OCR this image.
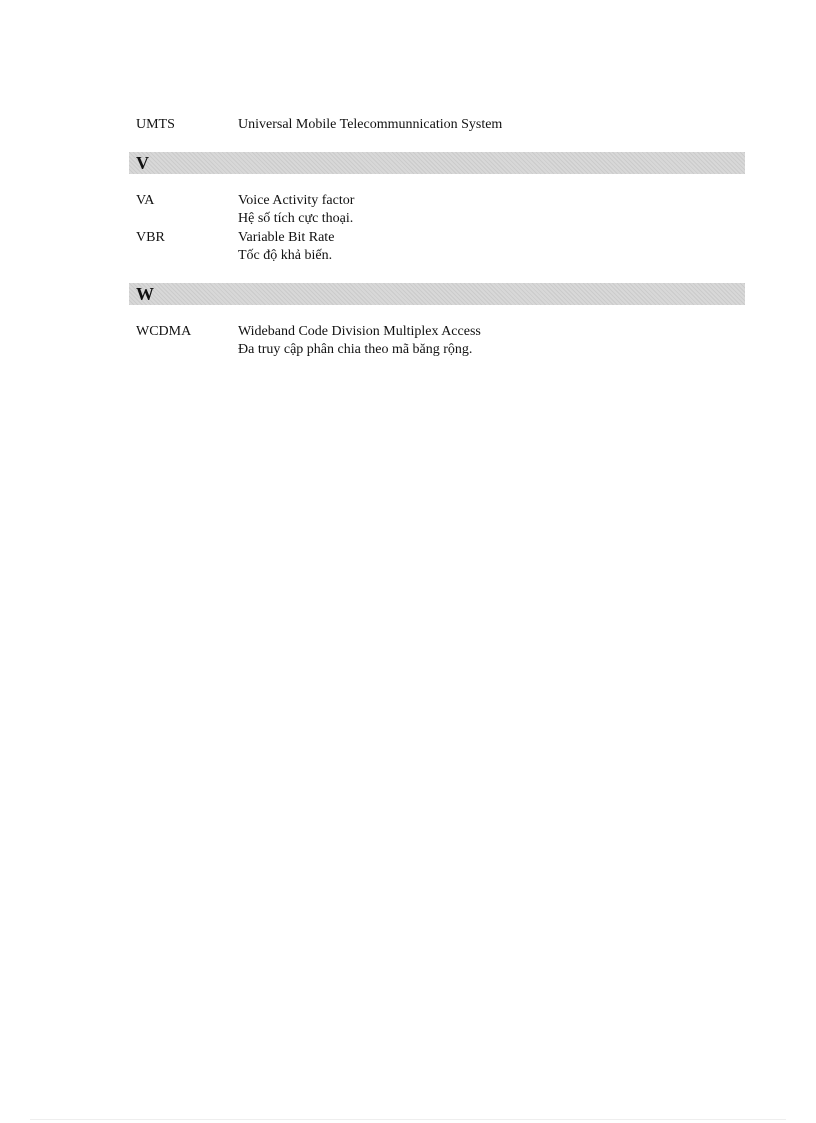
UMTS	Universal Mobile Telecommunnication System
V
VA	Voice Activity factor
Hệ số tích cực thoại.
VBR	Variable Bit Rate
Tốc độ khả biến.
W
WCDMA	Wideband Code Division Multiplex Access
Đa truy cập phân chia theo mã băng rộng.
